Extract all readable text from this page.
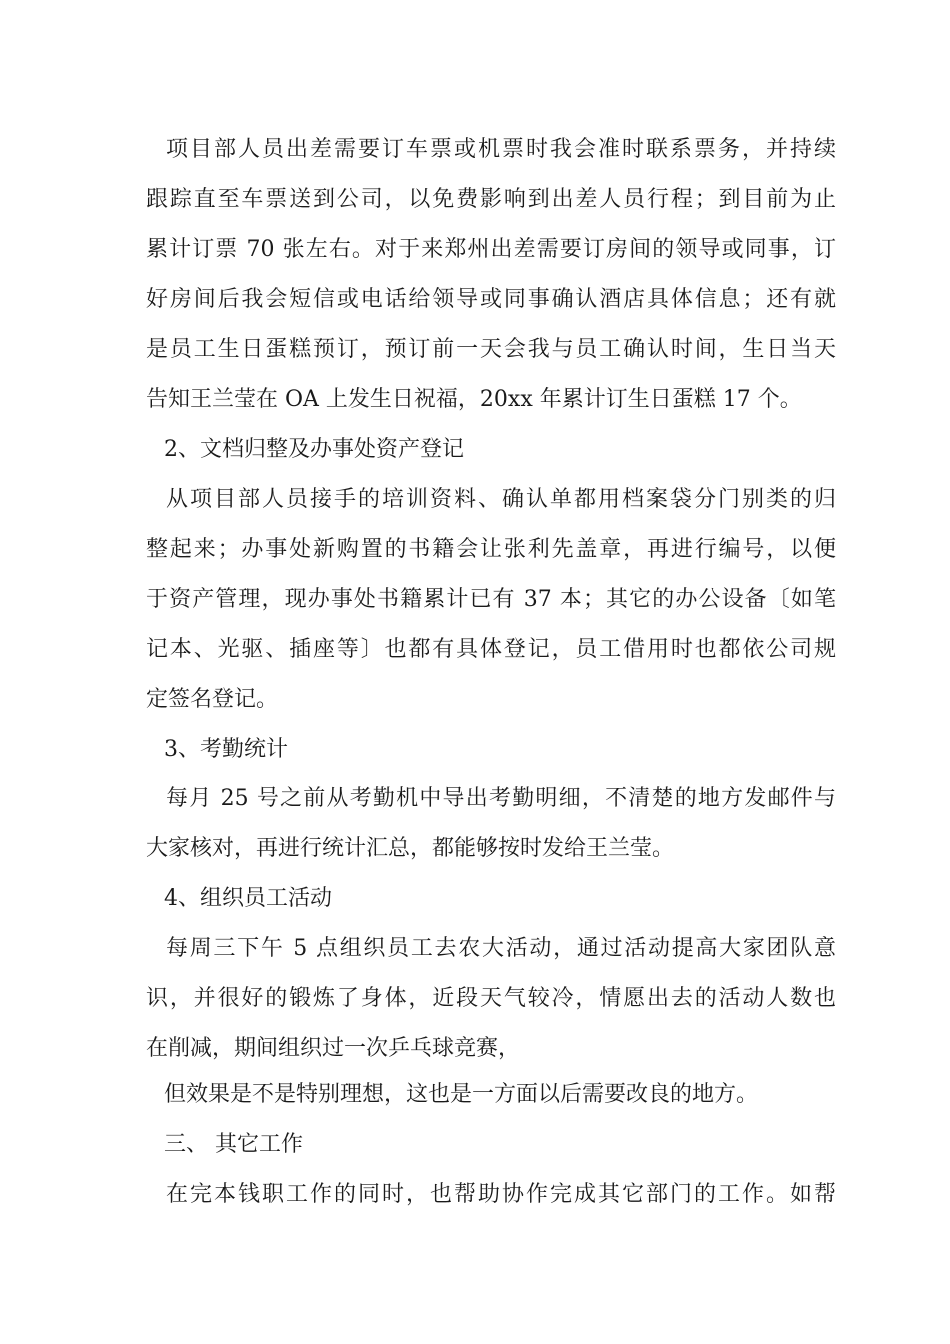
项目部人员出差需要订车票或机票时我会准时联系票务，并持续
跟踪直至车票送到公司，以免费影响到出差人员行程；到目前为止
累计订票 70 张左右。对于来郑州出差需要订房间的领导或同事，订
好房间后我会短信或电话给领导或同事确认酒店具体信息；还有就
是员工生日蛋糕预订，预订前一天会我与员工确认时间，生日当天
告知王兰莹在 OA 上发生日祝福，20xx 年累计订生日蛋糕 17 个。
2、文档归整及办事处资产登记
从项目部人员接手的培训资料、确认单都用档案袋分门别类的归
整起来；办事处新购置的书籍会让张利先盖章，再进行编号，以便
于资产管理，现办事处书籍累计已有 37 本；其它的办公设备〔如笔
记本、光驱、插座等〕也都有具体登记，员工借用时也都依公司规
定签名登记。
3、考勤统计
每月 25 号之前从考勤机中导出考勤明细，不清楚的地方发邮件与
大家核对，再进行统计汇总，都能够按时发给王兰莹。
4、组织员工活动
每周三下午 5 点组织员工去农大活动，通过活动提高大家团队意
识，并很好的锻炼了身体，近段天气较冷，情愿出去的活动人数也
在削减，期间组织过一次乒乓球竞赛，
但效果是不是特别理想，这也是一方面以后需要改良的地方。
三、 其它工作
在完本钱职工作的同时，也帮助协作完成其它部门的工作。如帮
